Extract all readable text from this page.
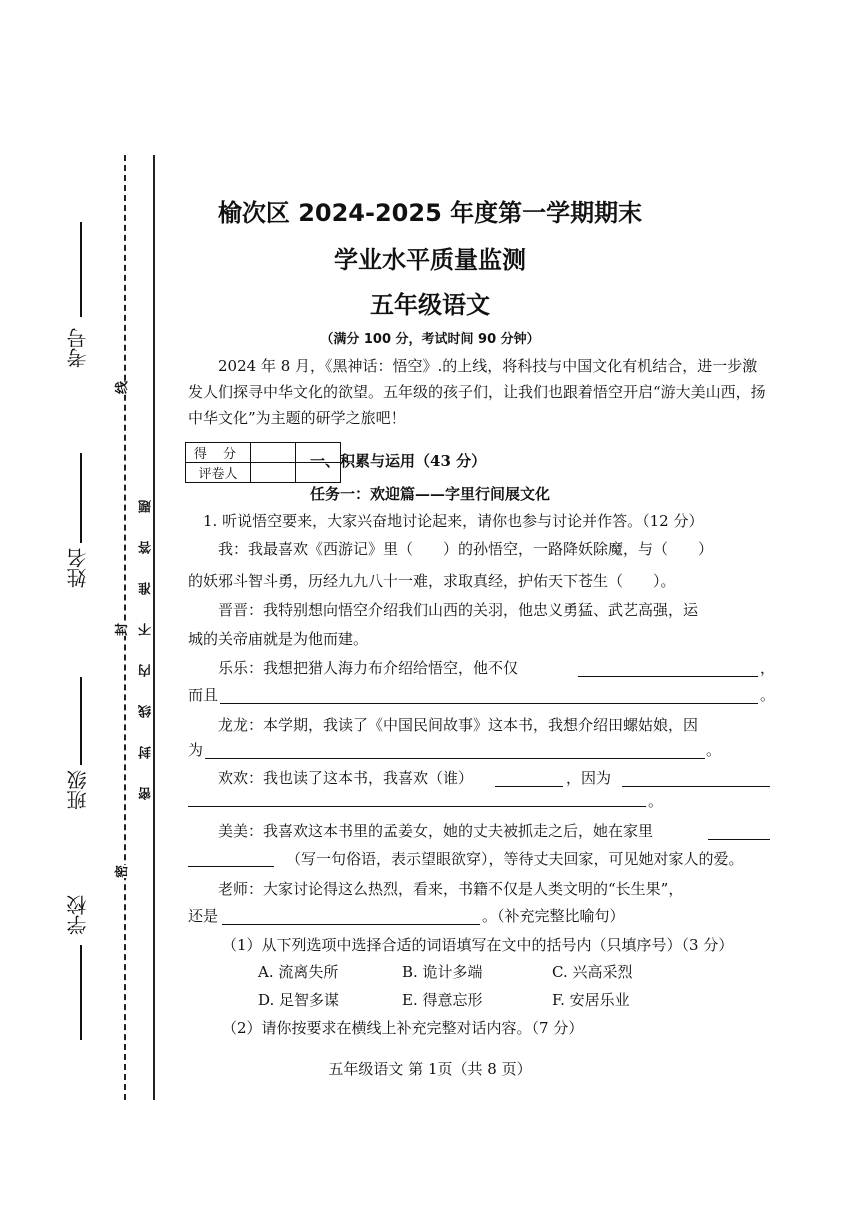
考号
姓名
班级
学校
线
封
密
密封线内不准答题
榆次区 2024-2025 年度第一学期期末
学业水平质量监测
五年级语文
（满分 100 分，考试时间 90 分钟）
2024 年 8 月，《黑神话：悟空》.的上线，将科技与中国文化有机结合，进一步激发人们探寻中华文化的欲望。五年级的孩子们，让我们也跟着悟空开启“游大美山西，扬中华文化”为主题的研学之旅吧！
得 分		
评卷人		
一、积累与运用（43 分）
任务一：欢迎篇——字里行间展文化
1. 听说悟空要来，大家兴奋地讨论起来，请你也参与讨论并作答。（12 分）
我：我最喜欢《西游记》里（　　）的孙悟空，一路降妖除魔，与（　　）
的妖邪斗智斗勇，历经九九八十一难，求取真经，护佑天下苍生（　　）。
晋晋：我特别想向悟空介绍我们山西的关羽，他忠义勇猛、武艺高强，运
城的关帝庙就是为他而建。
乐乐：我想把猎人海力布介绍给悟空，他不仅	，
而且	。
龙龙：本学期，我读了《中国民间故事》这本书，我想介绍田螺姑娘，因
为	。
欢欢：我也读了这本书，我喜欢（谁）	，因为
。
美美：我喜欢这本书里的孟姜女，她的丈夫被抓走之后，她在家里
（写一句俗语，表示望眼欲穿），等待丈夫回家，可见她对家人的爱。
老师：大家讨论得这么热烈，看来，书籍不仅是人类文明的“长生果”，
还是	。（补充完整比喻句）
（1）从下列选项中选择合适的词语填写在文中的括号内（只填序号）（3 分）
A. 流离失所	B. 诡计多端	C. 兴高采烈
D. 足智多谋	E. 得意忘形	F. 安居乐业
（2）请你按要求在横线上补充完整对话内容。（7 分）
五年级语文 第 1页（共 8 页）
